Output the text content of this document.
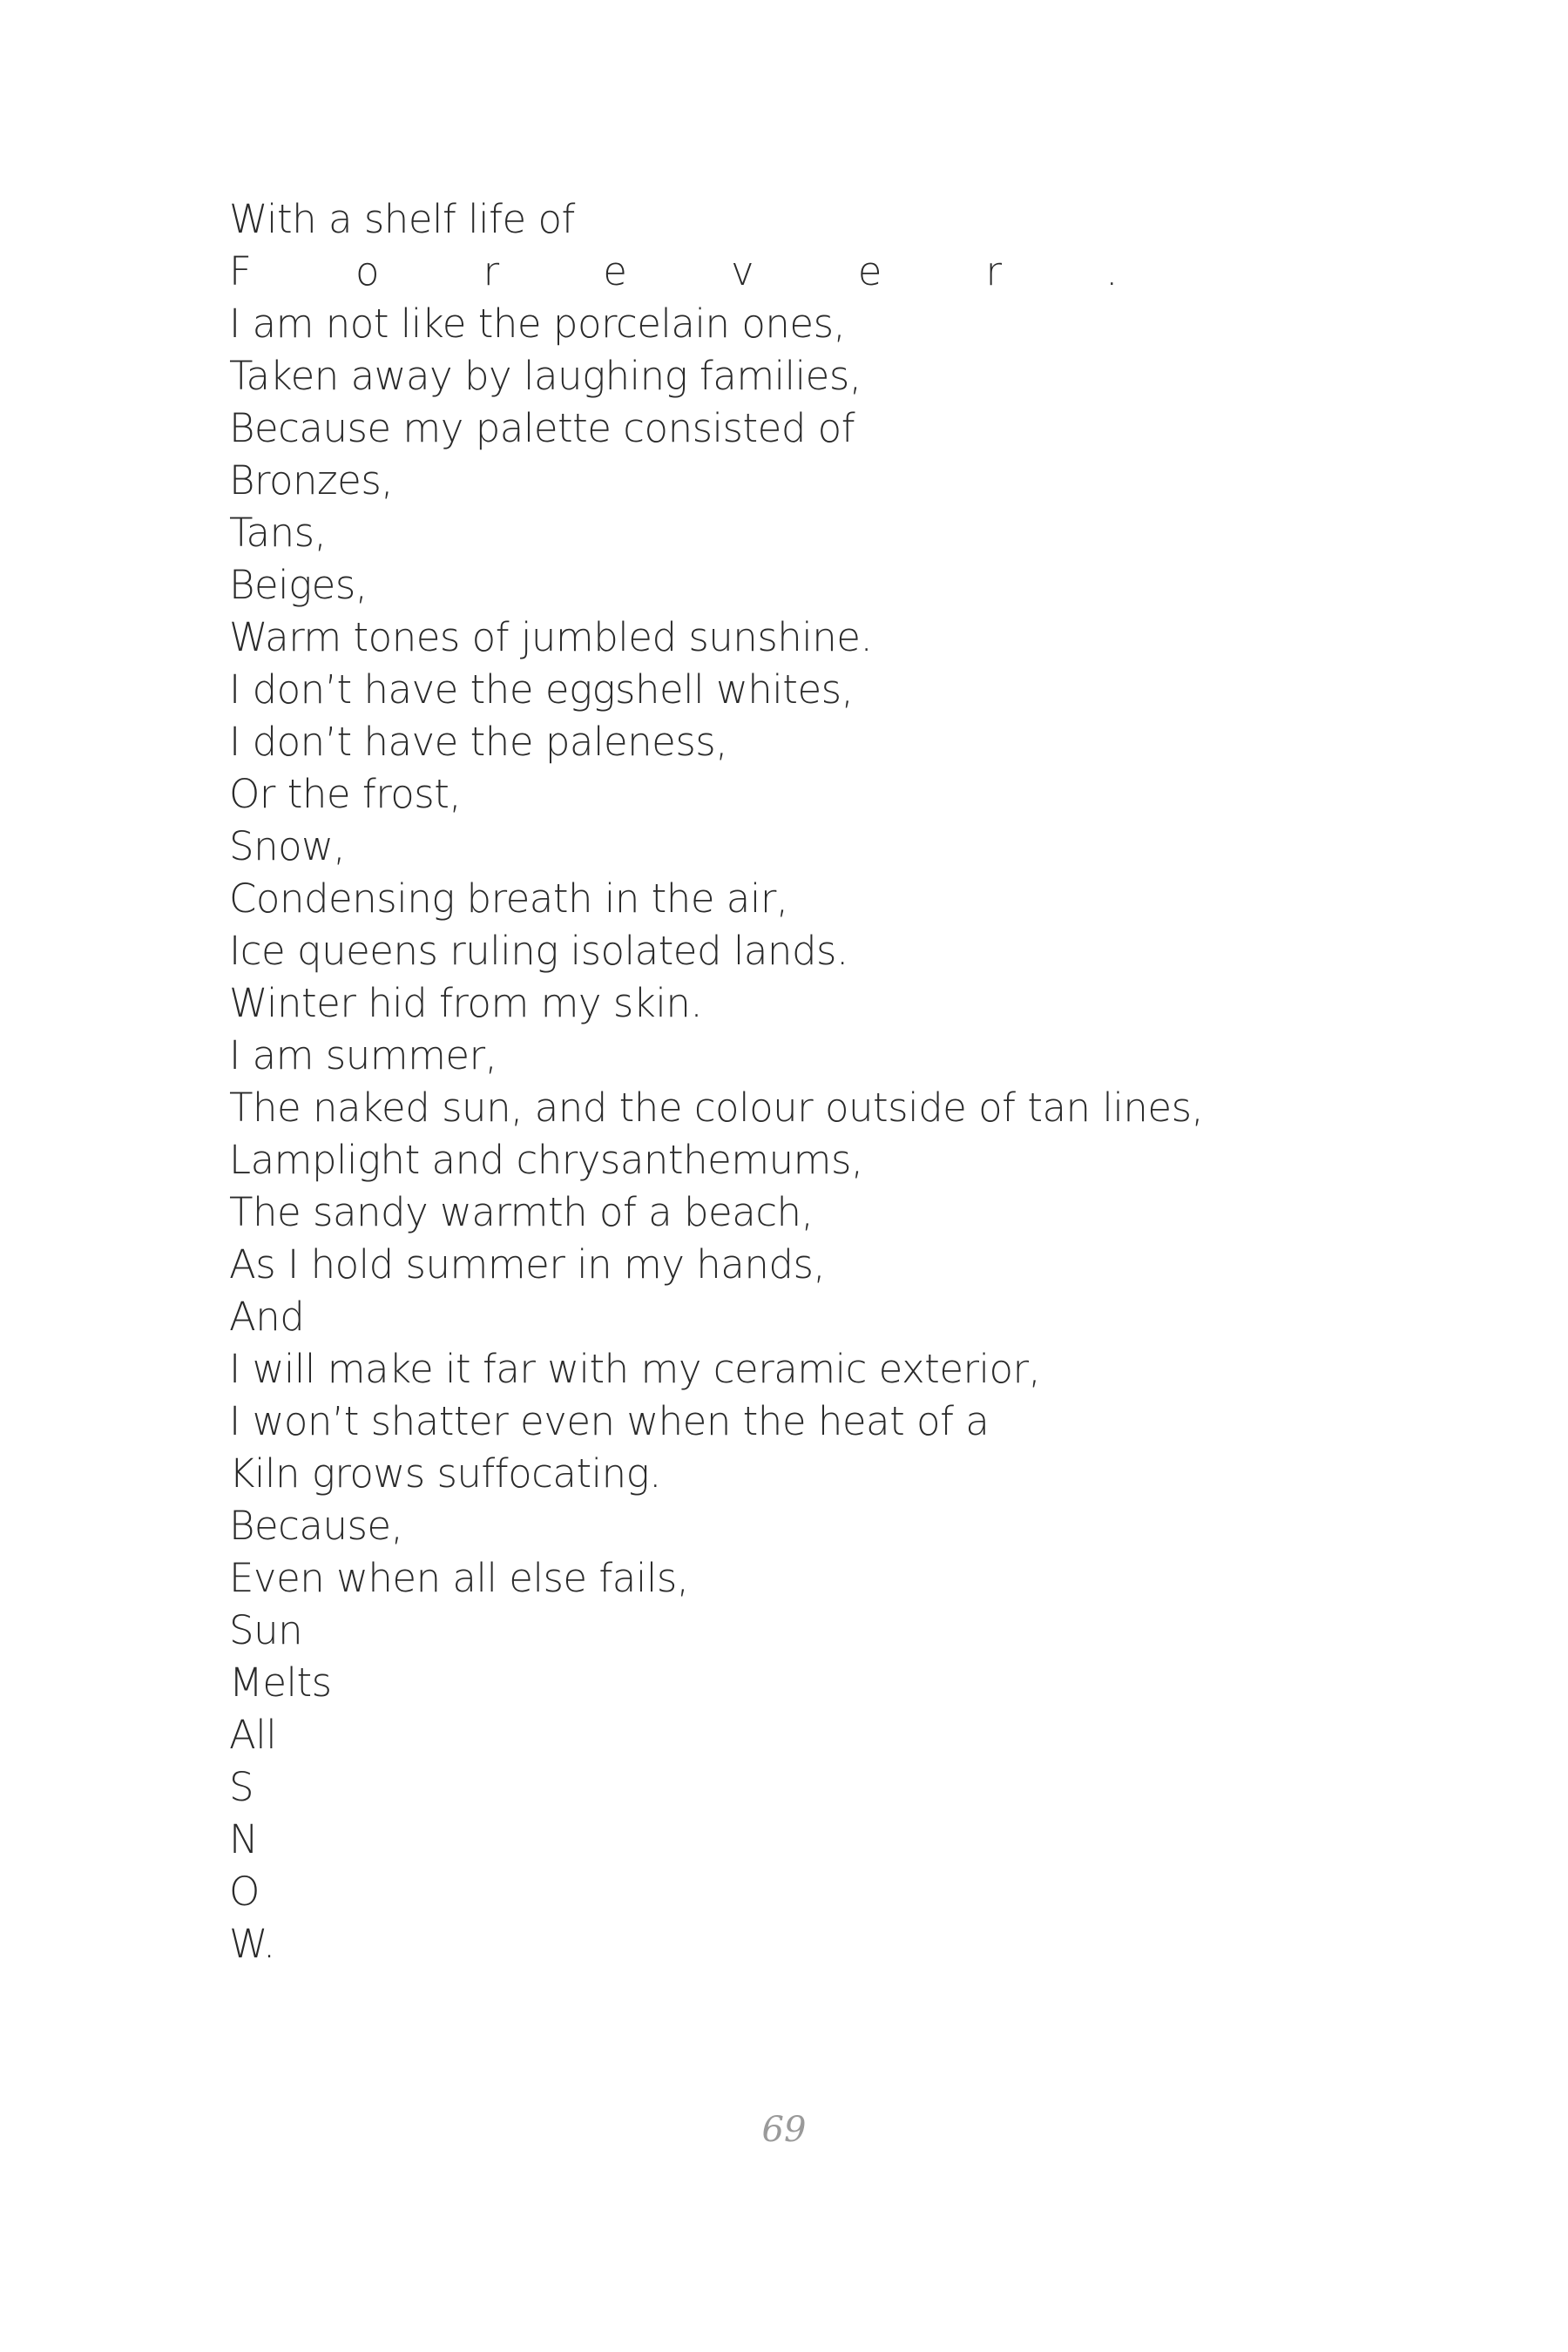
With a shelf life of
F	o	r	e	v	e	r	.
I am not like the porcelain ones,
Taken away by laughing families,
Because my palette consisted of
Bronzes,
Tans,
Beiges,
Warm tones of jumbled sunshine.
I don’t have the eggshell whites,
I don’t have the paleness,
Or the frost,
Snow,
Condensing breath in the air,
Ice queens ruling isolated lands.
Winter hid from my skin.
I am summer,
The naked sun, and the colour outside of tan lines,
Lamplight and chrysanthemums,
The sandy warmth of a beach,
As I hold summer in my hands,
And
I will make it far with my ceramic exterior,
I won’t shatter even when the heat of a
Kiln grows suffocating.
Because,
Even when all else fails,
Sun
Melts
All
S
N
O
W.
69
